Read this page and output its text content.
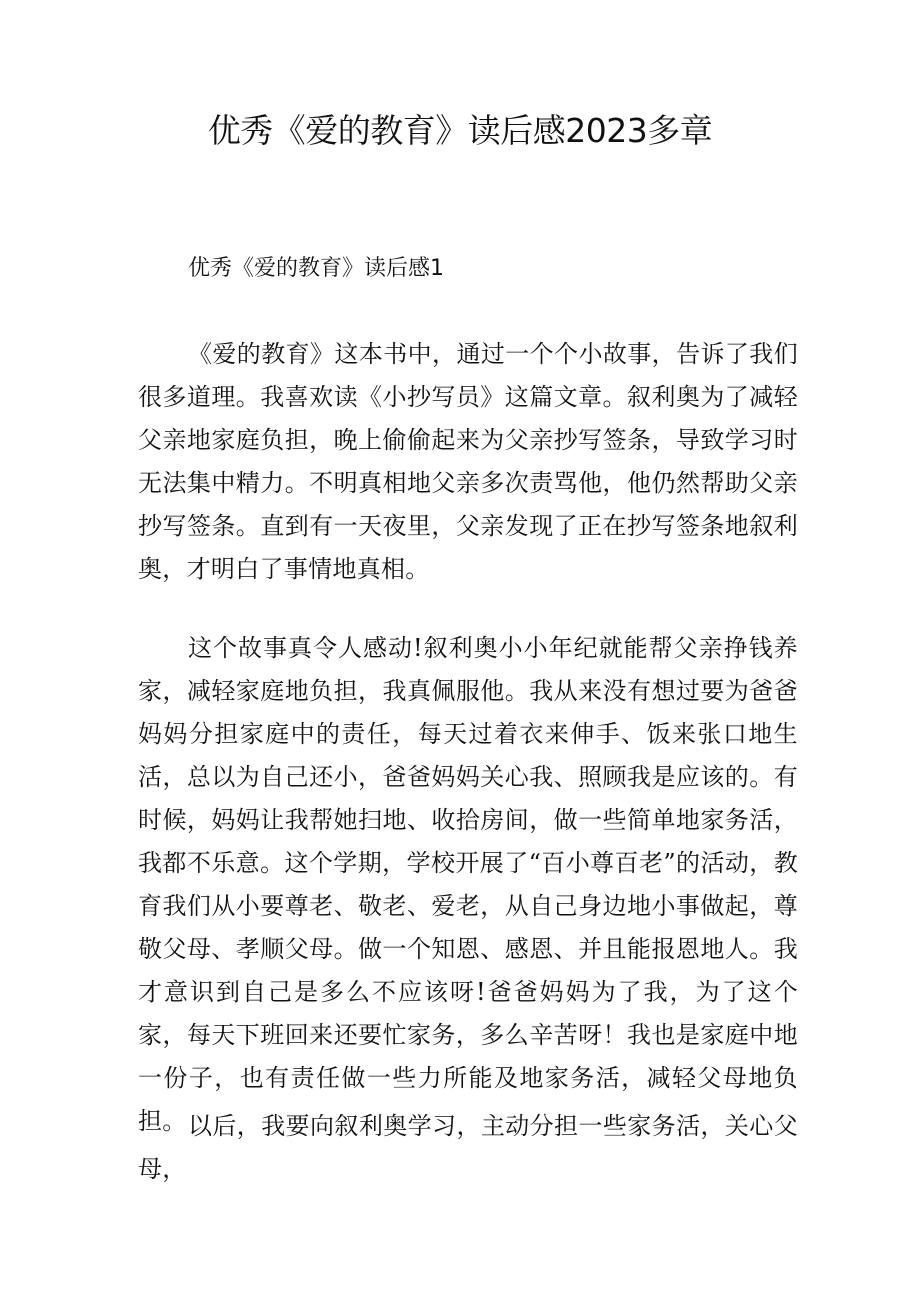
优秀《爱的教育》读后感2023多章
优秀《爱的教育》读后感1

《爱的教育》这本书中，通过一个个小故事，告诉了我们很多道理。我喜欢读《小抄写员》这篇文章。叙利奥为了减轻父亲地家庭负担，晚上偷偷起来为父亲抄写签条，导致学习时无法集中精力。不明真相地父亲多次责骂他，他仍然帮助父亲抄写签条。直到有一天夜里，父亲发现了正在抄写签条地叙利奥，才明白了事情地真相。

这个故事真令人感动!叙利奥小小年纪就能帮父亲挣钱养家，减轻家庭地负担，我真佩服他。我从来没有想过要为爸爸妈妈分担家庭中的责任，每天过着衣来伸手、饭来张口地生活，总以为自己还小，爸爸妈妈关心我、照顾我是应该的。有时候，妈妈让我帮她扫地、收拾房间，做一些简单地家务活，我都不乐意。这个学期，学校开展了“百小尊百老”的活动，教育我们从小要尊老、敬老、爱老，从自己身边地小事做起，尊敬父母、孝顺父母。做一个知恩、感恩、并且能报恩地人。我才意识到自己是多么不应该呀!爸爸妈妈为了我，为了这个家，每天下班回来还要忙家务，多么辛苦呀！我也是家庭中地一份子，也有责任做一些力所能及地家务活，减轻父母地负担。 以后，我要向叙利奥学习，主动分担一些家务活，关心父母，
